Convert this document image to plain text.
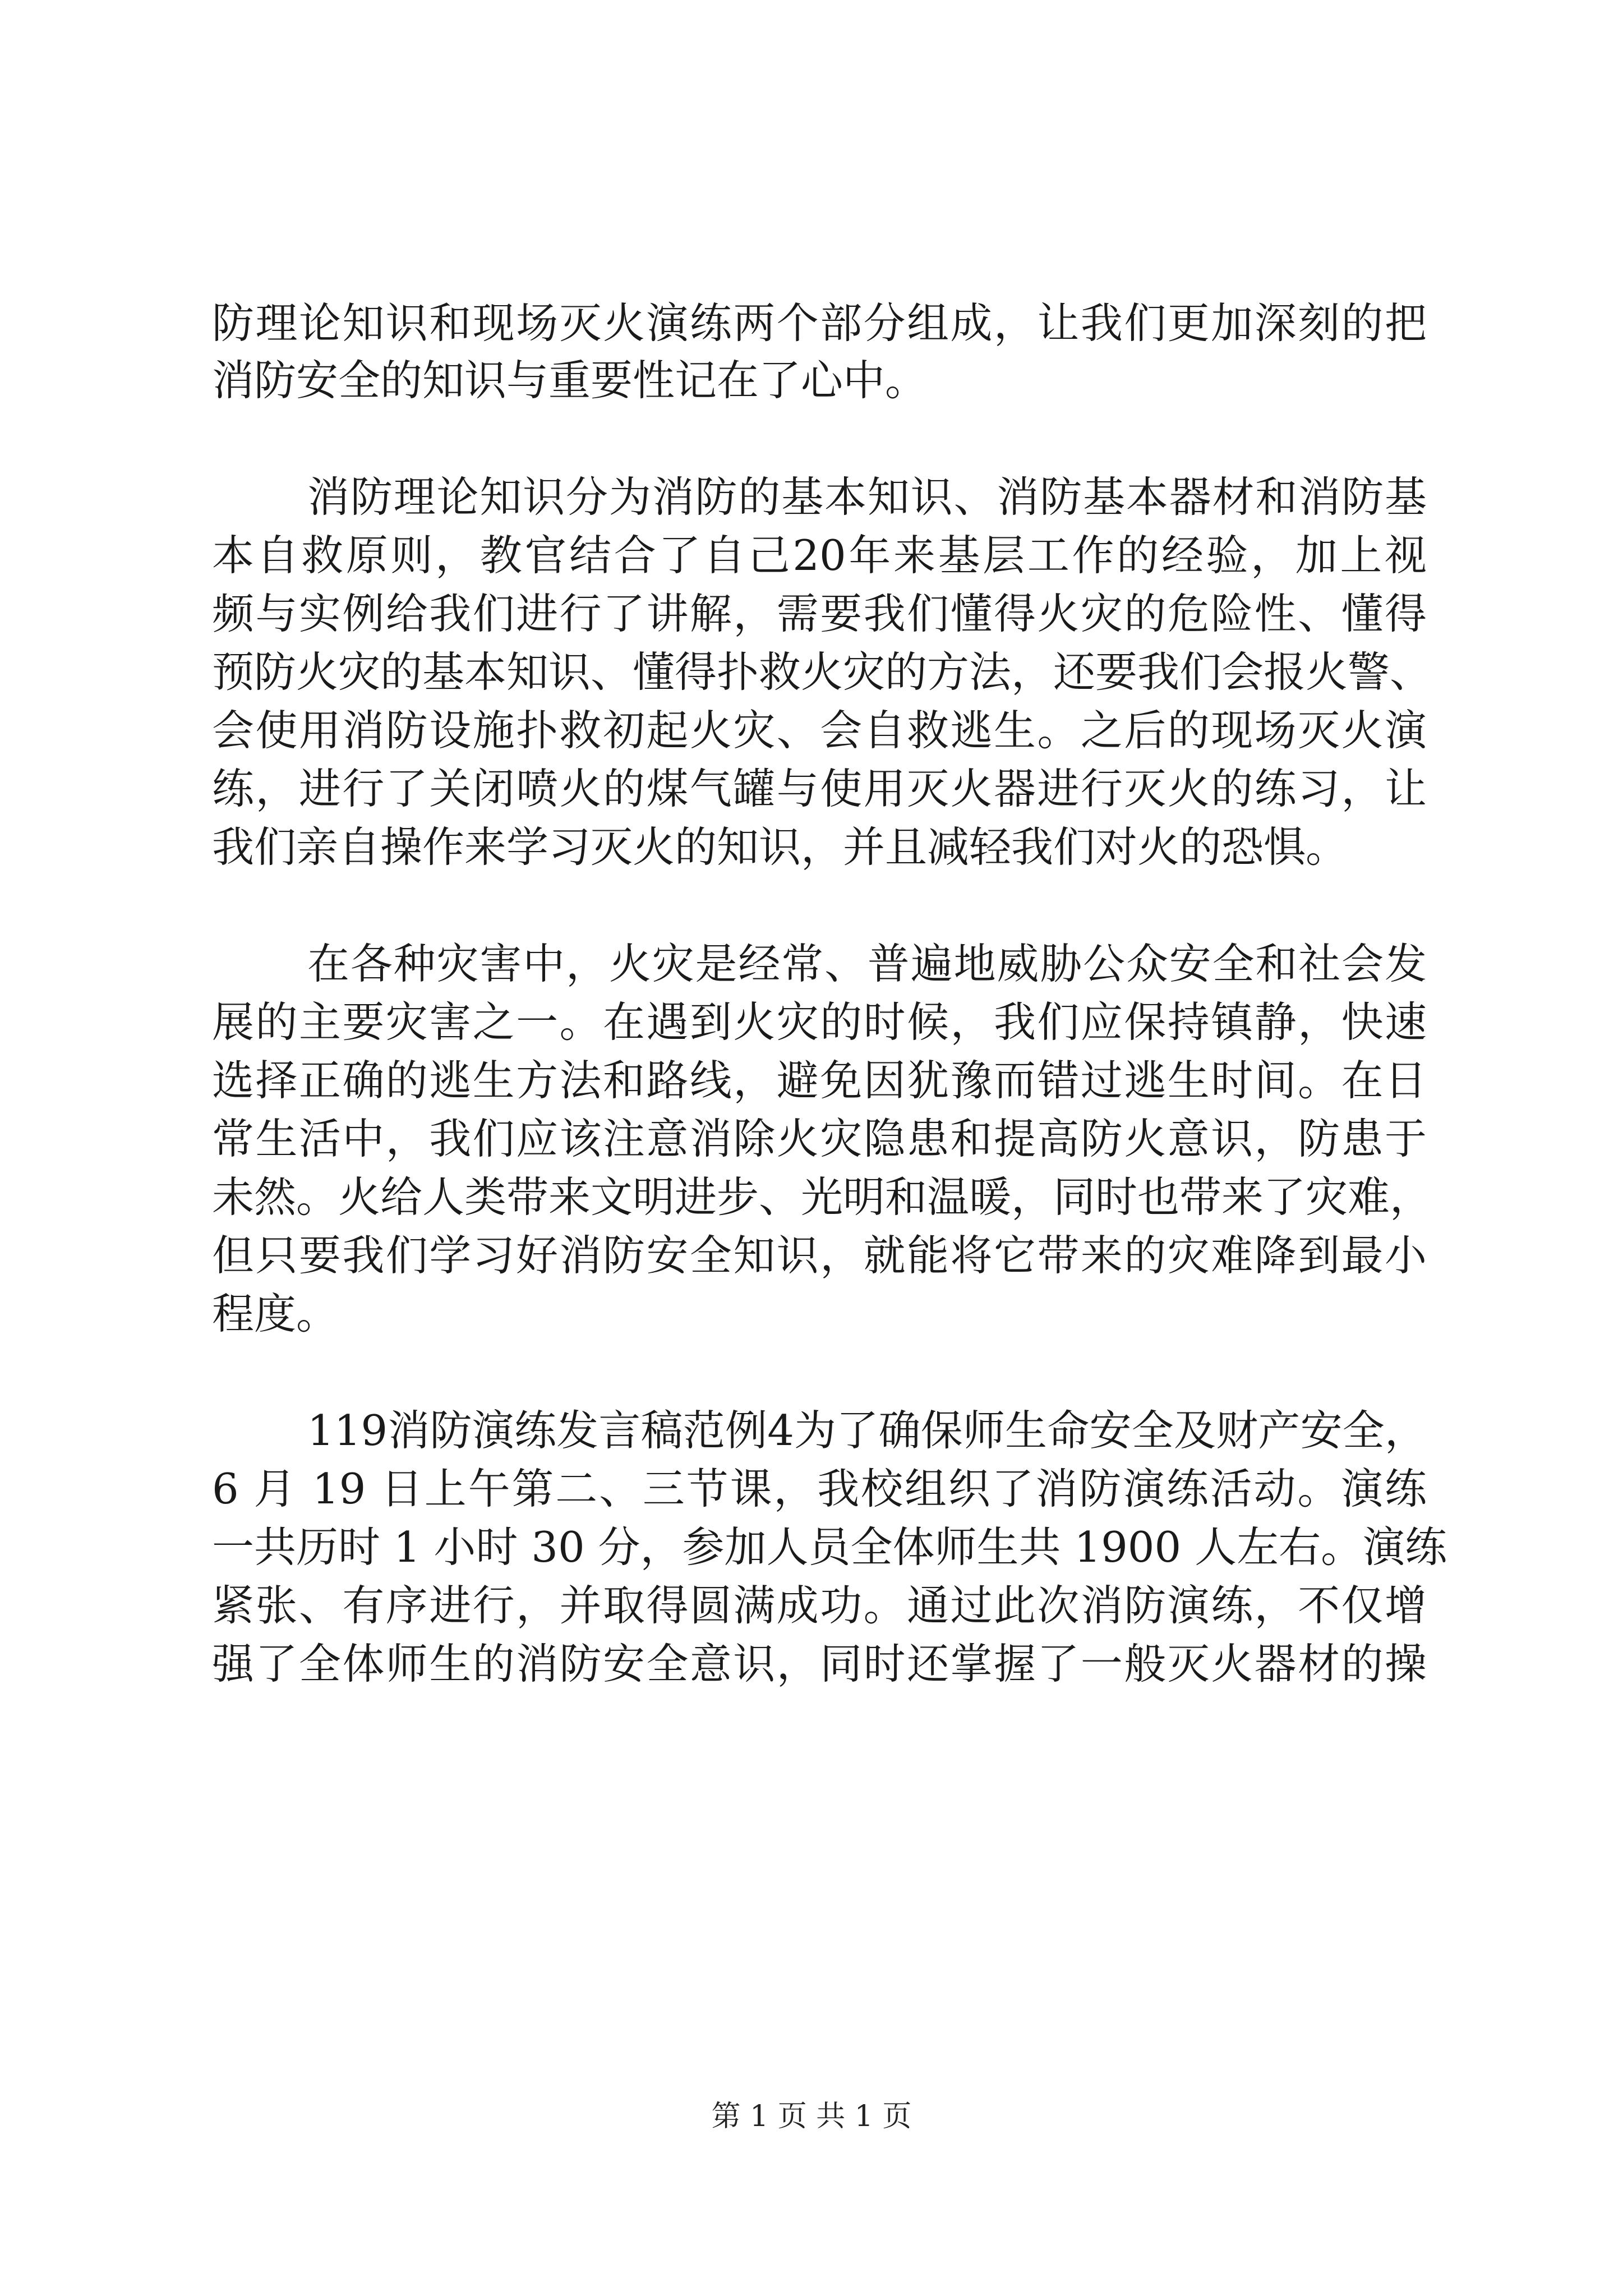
防理论知识和现场灭火演练两个部分组成，让我们更加深刻的把
消防安全的知识与重要性记在了心中。
消防理论知识分为消防的基本知识、消防基本器材和消防基
本自救原则，教官结合了自己20年来基层工作的经验，加上视
频与实例给我们进行了讲解，需要我们懂得火灾的危险性、懂得
预防火灾的基本知识、懂得扑救火灾的方法，还要我们会报火警、
会使用消防设施扑救初起火灾、会自救逃生。之后的现场灭火演
练，进行了关闭喷火的煤气罐与使用灭火器进行灭火的练习，让
我们亲自操作来学习灭火的知识，并且减轻我们对火的恐惧。
在各种灾害中，火灾是经常、普遍地威胁公众安全和社会发
展的主要灾害之一。在遇到火灾的时候，我们应保持镇静，快速
选择正确的逃生方法和路线，避免因犹豫而错过逃生时间。在日
常生活中，我们应该注意消除火灾隐患和提高防火意识，防患于
未然。火给人类带来文明进步、光明和温暖，同时也带来了灾难，
但只要我们学习好消防安全知识，就能将它带来的灾难降到最小
程度。
119消防演练发言稿范例4为了确保师生命安全及财产安全，
6 月 19 日上午第二、三节课，我校组织了消防演练活动。演练
一共历时 1 小时 30 分，参加人员全体师生共 1900 人左右。演练
紧张、有序进行，并取得圆满成功。通过此次消防演练，不仅增
强了全体师生的消防安全意识，同时还掌握了一般灭火器材的操
第 1 页 共 1 页
